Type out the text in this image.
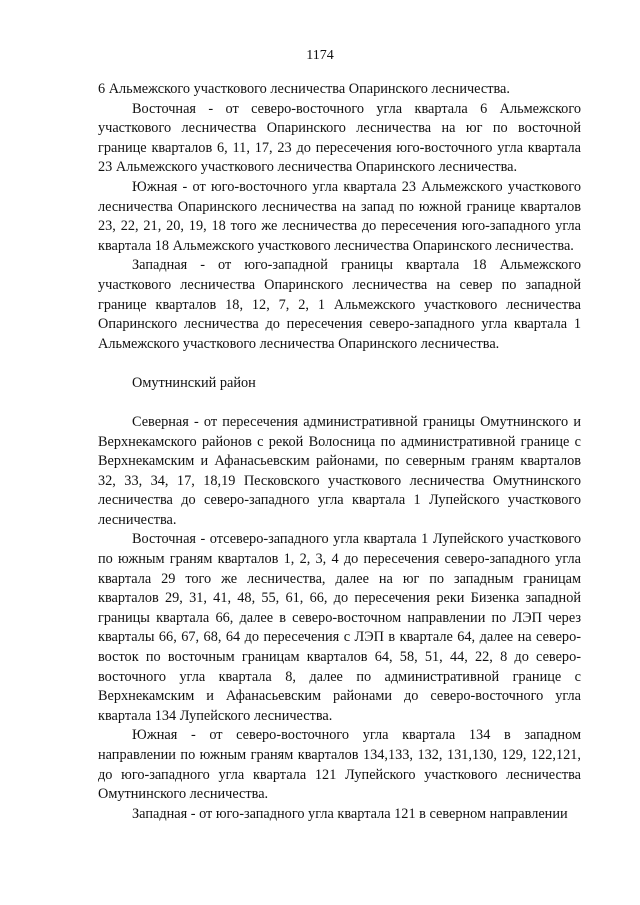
1174

6 Альмежского участкового лесничества Опаринского лесничества.

Восточная - от северо-восточного угла квартала 6 Альмежского участкового лесничества Опаринского лесничества на юг по восточной границе кварталов 6, 11, 17, 23 до пересечения юго-восточного угла квартала 23 Альмежского участкового лесничества Опаринского лесничества.

Южная - от юго-восточного угла квартала 23 Альмежского участкового лесничества Опаринского лесничества на запад по южной границе кварталов 23, 22, 21, 20, 19, 18 того же лесничества до пересечения юго-западного угла квартала 18 Альмежского участкового лесничества Опаринского лесничества.

Западная - от юго-западной границы квартала 18 Альмежского участкового лесничества Опаринского лесничества на север по западной границе кварталов 18, 12, 7, 2, 1 Альмежского участкового лесничества Опаринского лесничества до пересечения северо-западного угла квартала 1 Альмежского участкового лесничества Опаринского лесничества.

Омутнинский район

Северная - от пересечения административной границы Омутнинского и Верхнекамского районов с рекой Волосница по административной границе с Верхнекамским и Афанасьевским районами, по северным граням кварталов 32, 33, 34, 17, 18,19 Песковского участкового лесничества Омутнинского лесничества до северо-западного угла квартала 1 Лупейского участкового лесничества.

Восточная - отсеверо-западного угла квартала 1 Лупейского участкового по южным граням кварталов 1, 2, 3, 4 до пересечения северо-западного угла квартала 29 того же лесничества, далее на юг по западным границам кварталов 29, 31, 41, 48, 55, 61, 66, до пересечения реки Бизенка западной границы квартала 66, далее в северо-восточном направлении по ЛЭП через кварталы 66, 67, 68, 64 до пересечения с ЛЭП в квартале 64, далее на северо-восток по восточным границам кварталов 64, 58, 51, 44, 22, 8 до северо-восточного угла квартала 8, далее по административной границе с Верхнекамским и Афанасьевским районами до северо-восточного угла квартала 134 Лупейского лесничества.

Южная - от северо-восточного угла квартала 134 в западном направлении по южным граням кварталов 134,133, 132, 131,130, 129, 122,121, до юго-западного угла квартала 121 Лупейского участкового лесничества Омутнинского лесничества.

Западная - от юго-западного угла квартала 121 в северном направлении
